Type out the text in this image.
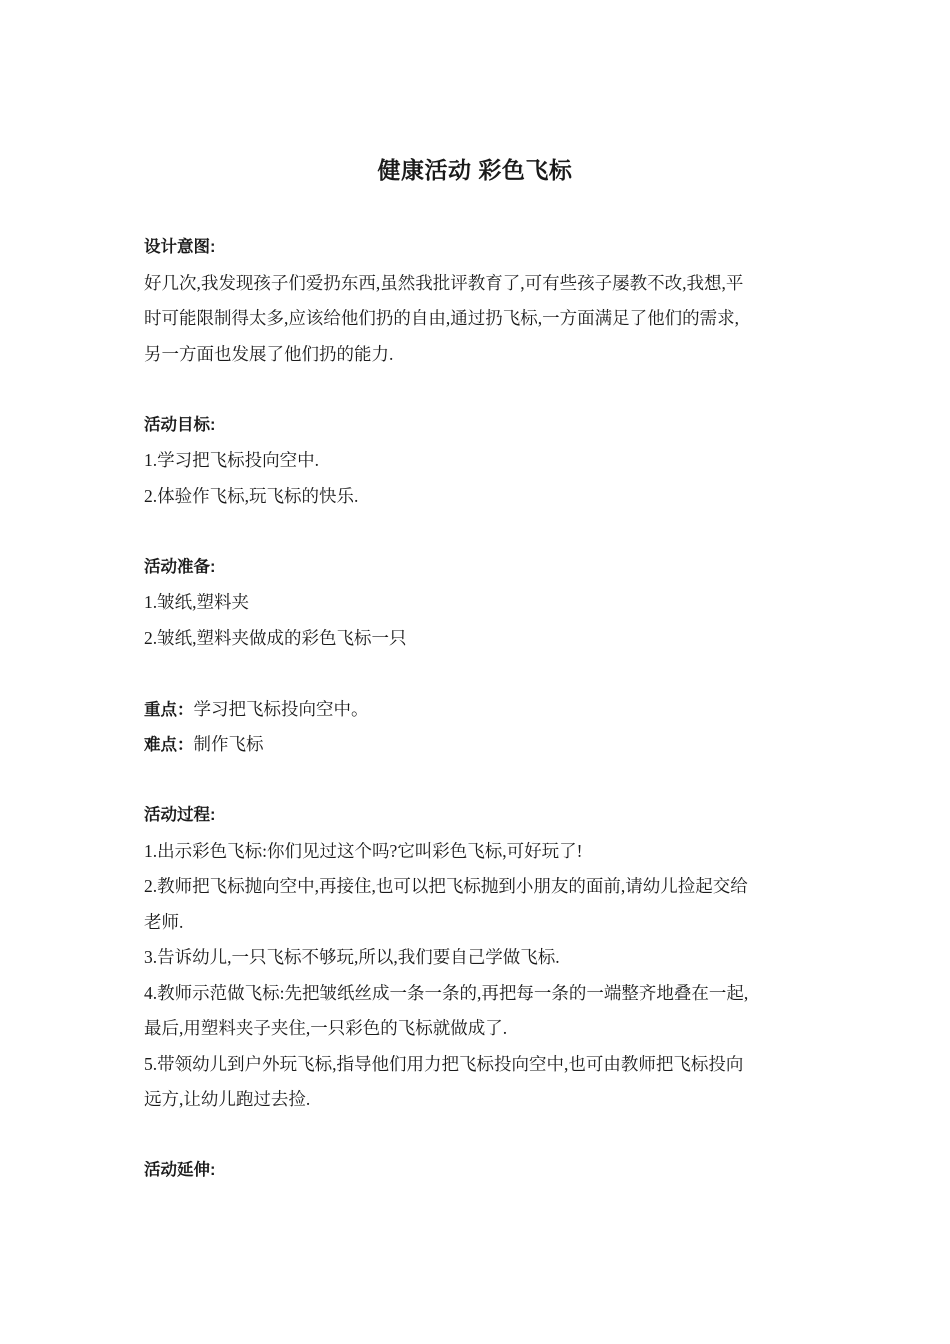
健康活动 彩色飞标
设计意图:
好几次,我发现孩子们爱扔东西,虽然我批评教育了,可有些孩子屡教不改,我想,平
时可能限制得太多,应该给他们扔的自由,通过扔飞标,一方面满足了他们的需求,
另一方面也发展了他们扔的能力.
活动目标:
1.学习把飞标投向空中.
2.体验作飞标,玩飞标的快乐.
活动准备:
1.皱纸,塑料夹
2.皱纸,塑料夹做成的彩色飞标一只
重点：学习把飞标投向空中。
难点：制作飞标
活动过程:
1.出示彩色飞标:你们见过这个吗?它叫彩色飞标,可好玩了!
2.教师把飞标抛向空中,再接住,也可以把飞标抛到小朋友的面前,请幼儿捡起交给
老师.
3.告诉幼儿,一只飞标不够玩,所以,我们要自己学做飞标.
4.教师示范做飞标:先把皱纸丝成一条一条的,再把每一条的一端整齐地叠在一起,
最后,用塑料夹子夹住,一只彩色的飞标就做成了.
5.带领幼儿到户外玩飞标,指导他们用力把飞标投向空中,也可由教师把飞标投向
远方,让幼儿跑过去捡.
活动延伸:
